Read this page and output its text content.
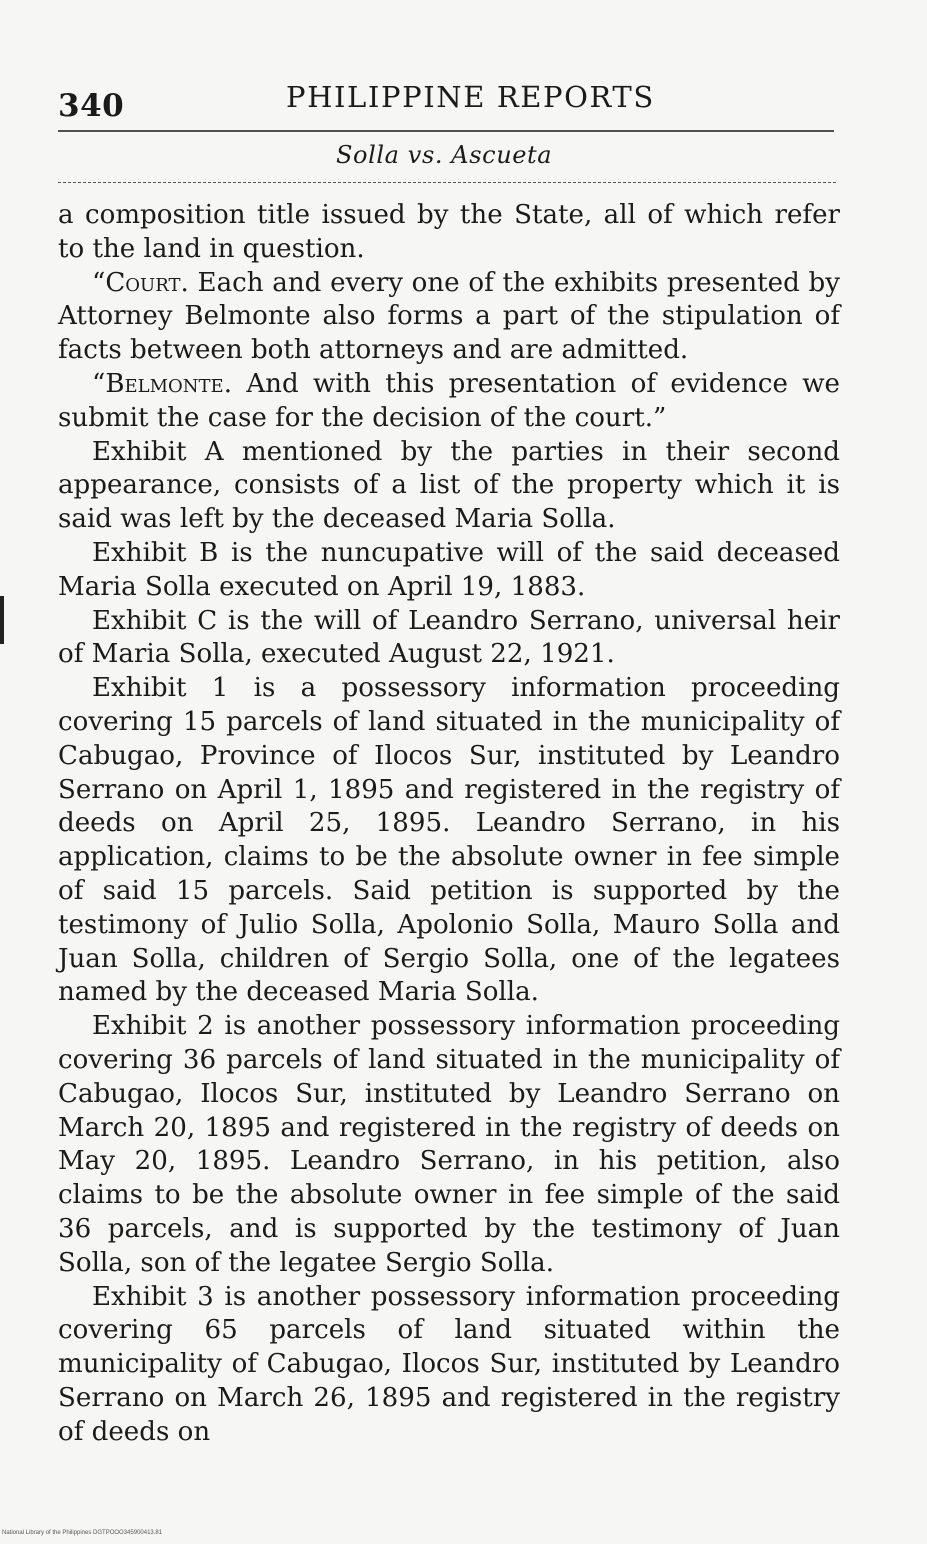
340	PHILIPPINE REPORTS
Solla vs. Ascueta

a composition title issued by the State, all of which refer to the land in question.

“Court. Each and every one of the exhibits presented by Attorney Belmonte also forms a part of the stipulation of facts between both attorneys and are admitted.

“Belmonte. And with this presentation of evidence we submit the case for the decision of the court.”

Exhibit A mentioned by the parties in their second appearance, consists of a list of the property which it is said was left by the deceased Maria Solla.

Exhibit B is the nuncupative will of the said deceased Maria Solla executed on April 19, 1883.

Exhibit C is the will of Leandro Serrano, universal heir of Maria Solla, executed August 22, 1921.

Exhibit 1 is a possessory information proceeding covering 15 parcels of land situated in the municipality of Cabugao, Province of Ilocos Sur, instituted by Leandro Serrano on April 1, 1895 and registered in the registry of deeds on April 25, 1895. Leandro Serrano, in his application, claims to be the absolute owner in fee simple of said 15 parcels. Said petition is supported by the testimony of Julio Solla, Apolonio Solla, Mauro Solla and Juan Solla, children of Sergio Solla, one of the legatees named by the deceased Maria Solla.

Exhibit 2 is another possessory information proceeding covering 36 parcels of land situated in the municipality of Cabugao, Ilocos Sur, instituted by Leandro Serrano on March 20, 1895 and registered in the registry of deeds on May 20, 1895. Leandro Serrano, in his petition, also claims to be the absolute owner in fee simple of the said 36 parcels, and is supported by the testimony of Juan Solla, son of the legatee Sergio Solla.

Exhibit 3 is another possessory information proceeding covering 65 parcels of land situated within the municipality of Cabugao, Ilocos Sur, instituted by Leandro Serrano on March 26, 1895 and registered in the registry of deeds on

National Library of the Philippines DGTPOOO345900413.81
